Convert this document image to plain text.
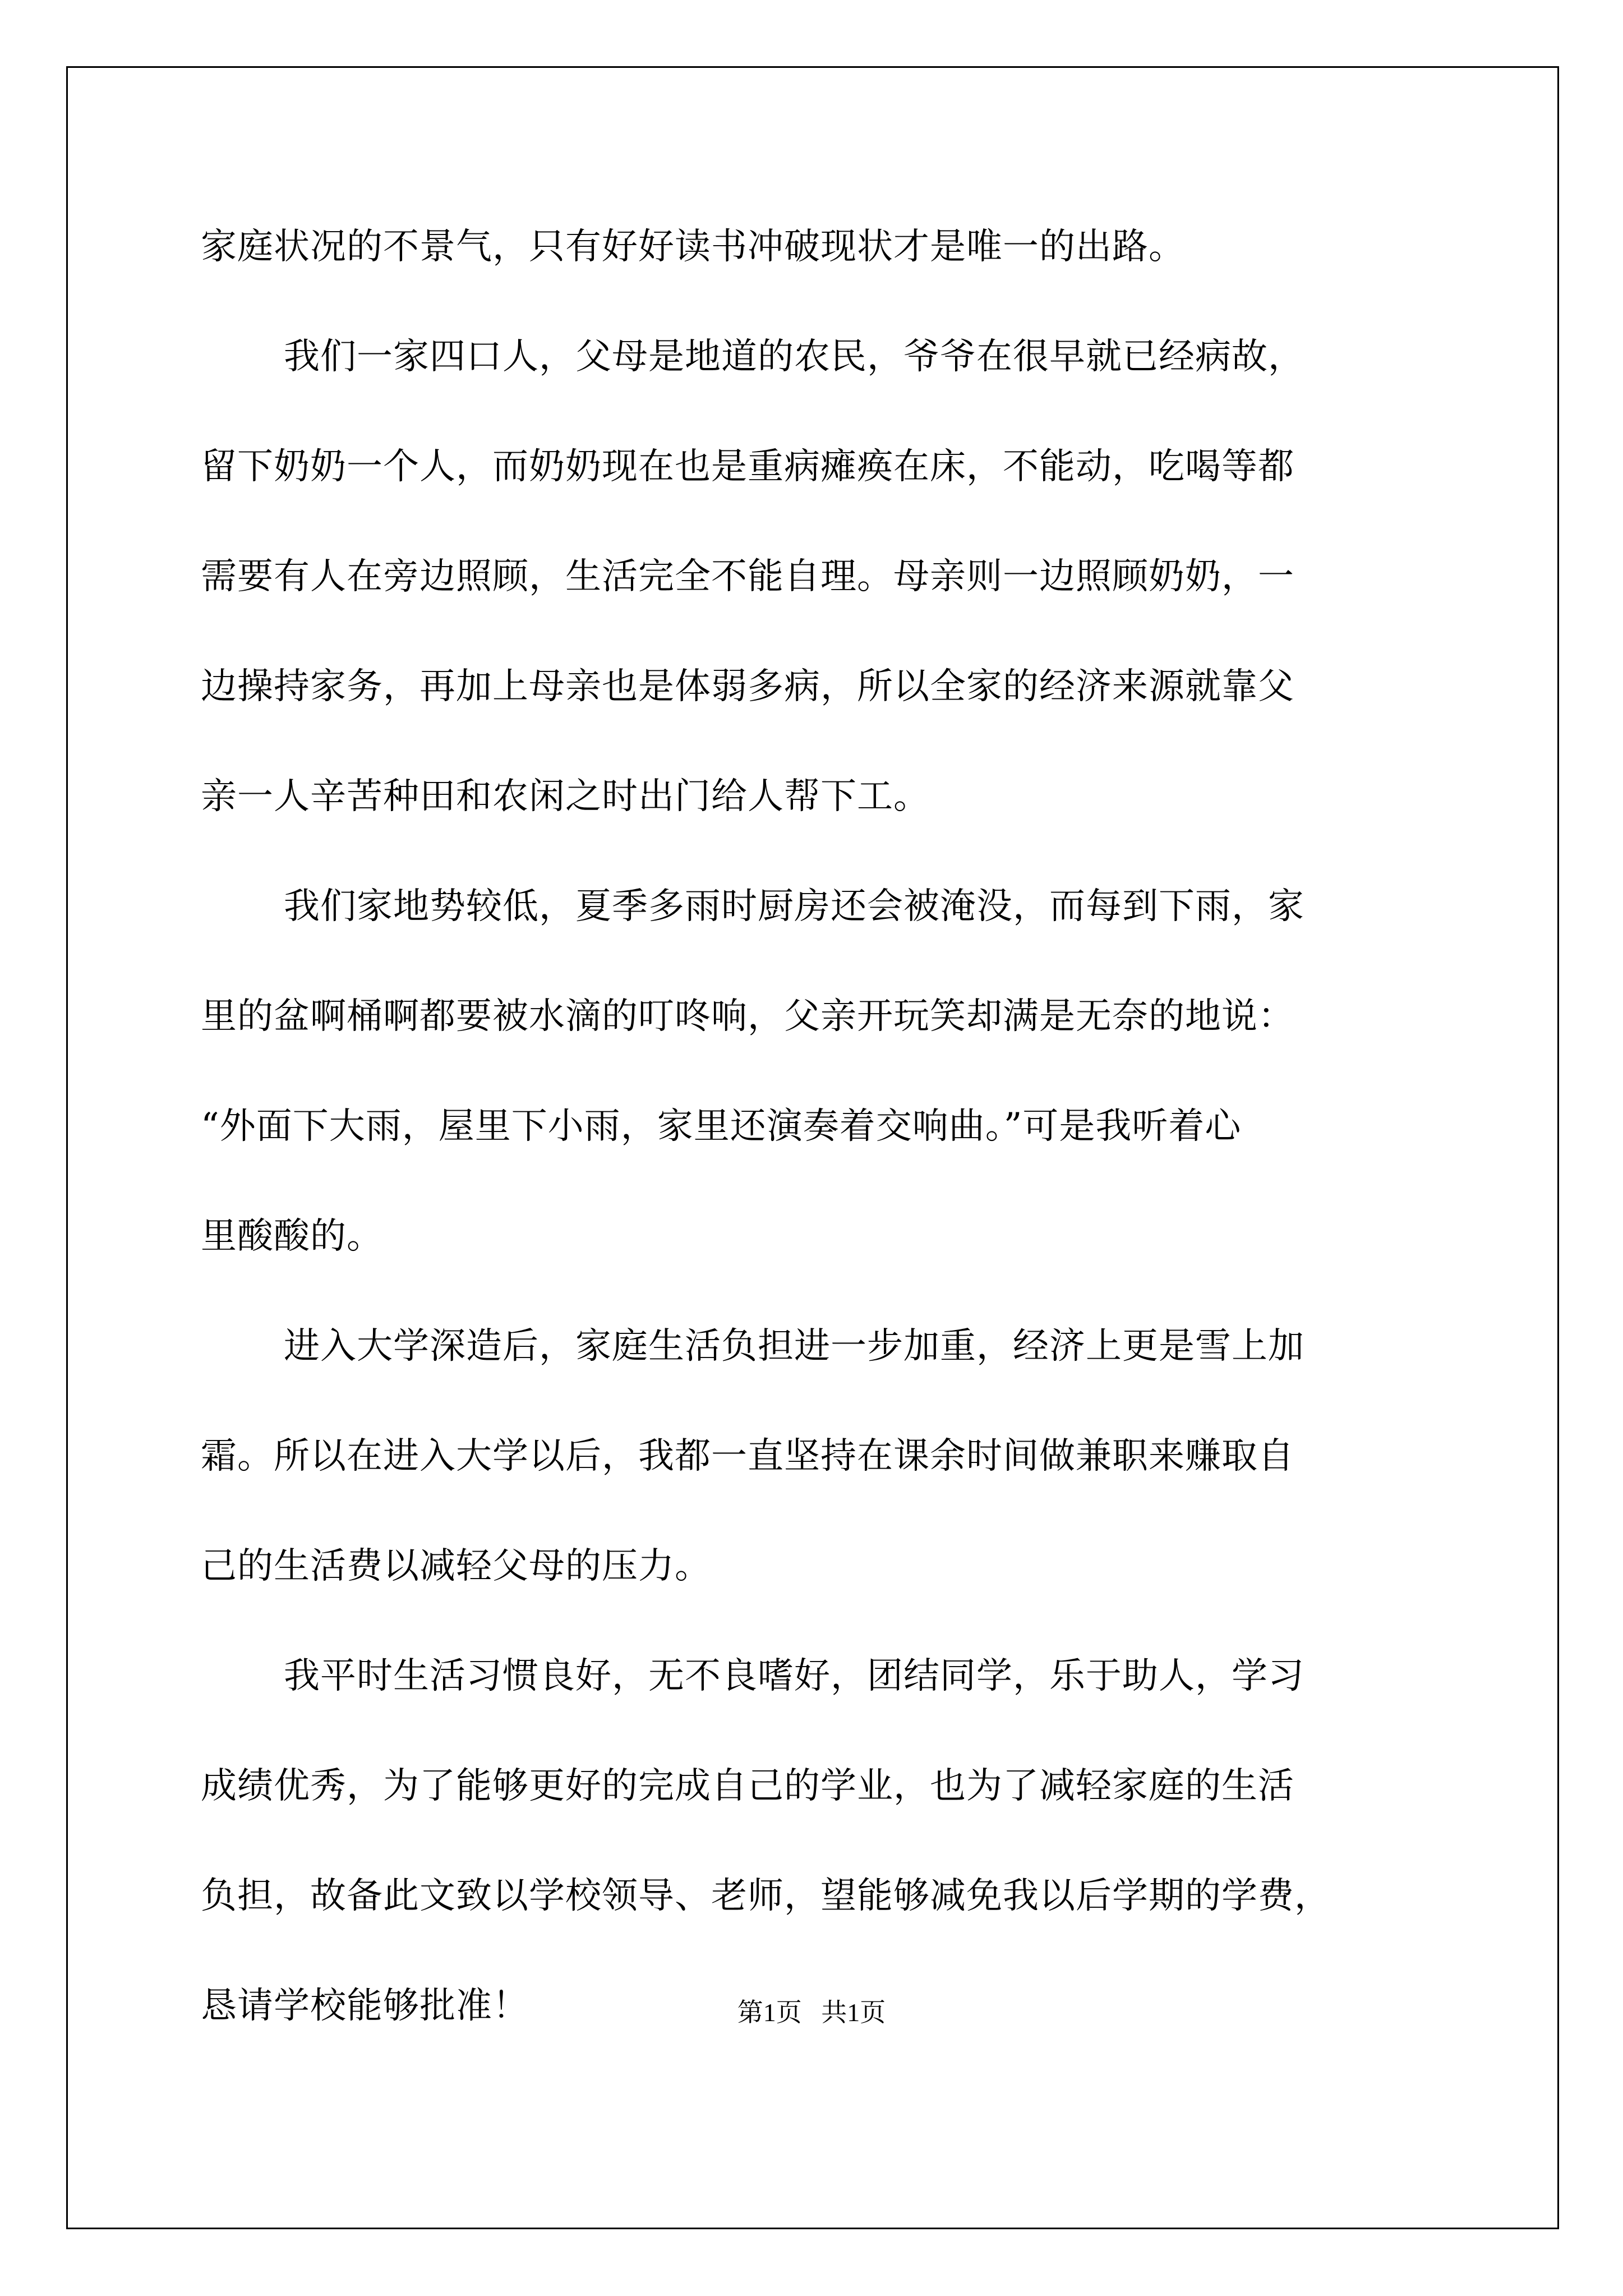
家庭状况的不景气，只有好好读书冲破现状才是唯一的出路。
我们一家四口人，父母是地道的农民，爷爷在很早就已经病故，
留下奶奶一个人，而奶奶现在也是重病瘫痪在床，不能动，吃喝等都
需要有人在旁边照顾，生活完全不能自理。母亲则一边照顾奶奶，一
边操持家务，再加上母亲也是体弱多病，所以全家的经济来源就靠父
亲一人辛苦种田和农闲之时出门给人帮下工。
我们家地势较低，夏季多雨时厨房还会被淹没，而每到下雨，家
里的盆啊桶啊都要被水滴的叮咚响，父亲开玩笑却满是无奈的地说：
“外面下大雨，屋里下小雨，家里还演奏着交响曲。”可是我听着心
里酸酸的。
进入大学深造后，家庭生活负担进一步加重，经济上更是雪上加
霜。所以在进入大学以后，我都一直坚持在课余时间做兼职来赚取自
己的生活费以减轻父母的压力。
我平时生活习惯良好，无不良嗜好，团结同学，乐于助人，学习
成绩优秀，为了能够更好的完成自己的学业，也为了减轻家庭的生活
负担，故备此文致以学校领导、老师，望能够减免我以后学期的学费，
恳请学校能够批准！	第1页   共1页
